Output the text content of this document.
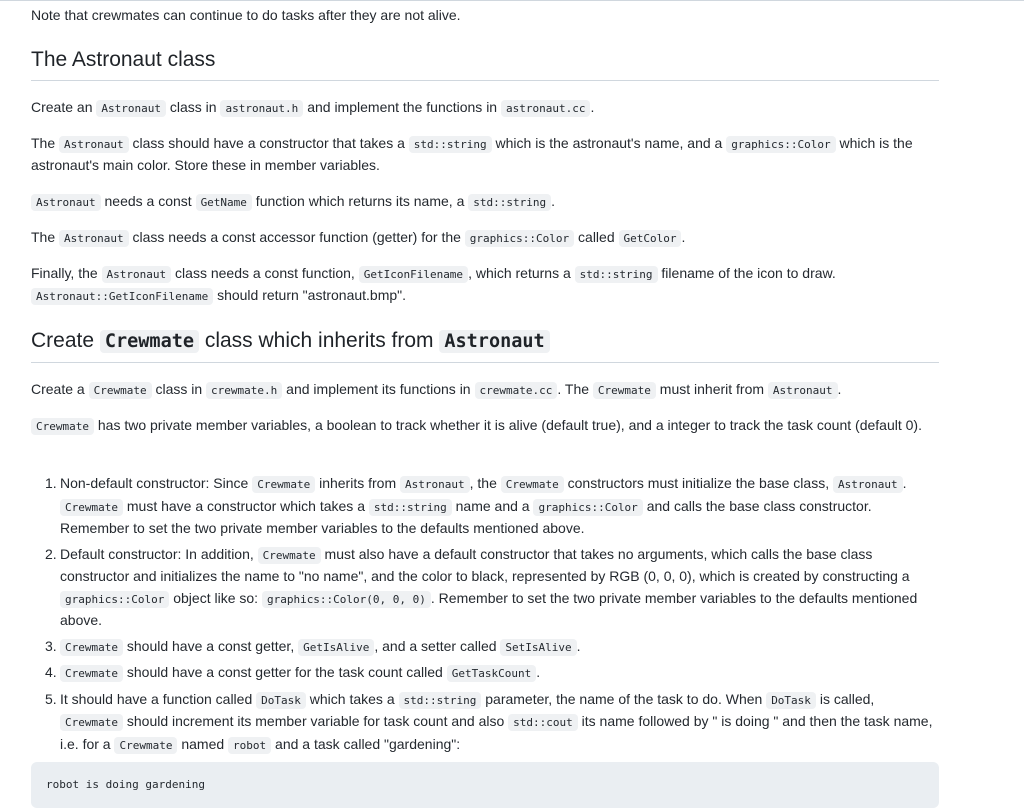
Note that crewmates can continue to do tasks after they are not alive.

The Astronaut class

Create an Astronaut class in astronaut.h and implement the functions in astronaut.cc .

The Astronaut class should have a constructor that takes a std::string which is the astronaut's name, and a graphics::Color which is the astronaut's main color. Store these in member variables.

Astronaut needs a const GetName function which returns its name, a std::string .

The Astronaut class needs a const accessor function (getter) for the graphics::Color called GetColor .

Finally, the Astronaut class needs a const function, GetIconFilename , which returns a std::string filename of the icon to draw. Astronaut::GetIconFilename should return "astronaut.bmp".

Create Crewmate class which inherits from Astronaut

Create a Crewmate class in crewmate.h and implement its functions in crewmate.cc . The Crewmate must inherit from Astronaut .

Crewmate has two private member variables, a boolean to track whether it is alive (default true), and a integer to track the task count (default 0).

1. Non-default constructor: Since Crewmate inherits from Astronaut , the Crewmate constructors must initialize the base class, Astronaut . Crewmate must have a constructor which takes a std::string name and a graphics::Color and calls the base class constructor. Remember to set the two private member variables to the defaults mentioned above.
2. Default constructor: In addition, Crewmate must also have a default constructor that takes no arguments, which calls the base class constructor and initializes the name to "no name", and the color to black, represented by RGB (0, 0, 0), which is created by constructing a graphics::Color object like so: graphics::Color(0, 0, 0) . Remember to set the two private member variables to the defaults mentioned above.
3. Crewmate should have a const getter, GetIsAlive , and a setter called SetIsAlive .
4. Crewmate should have a const getter for the task count called GetTaskCount .
5. It should have a function called DoTask which takes a std::string parameter, the name of the task to do. When DoTask is called, Crewmate should increment its member variable for task count and also std::cout its name followed by " is doing " and then the task name, i.e. for a Crewmate named robot and a task called "gardening":
robot is doing gardening
